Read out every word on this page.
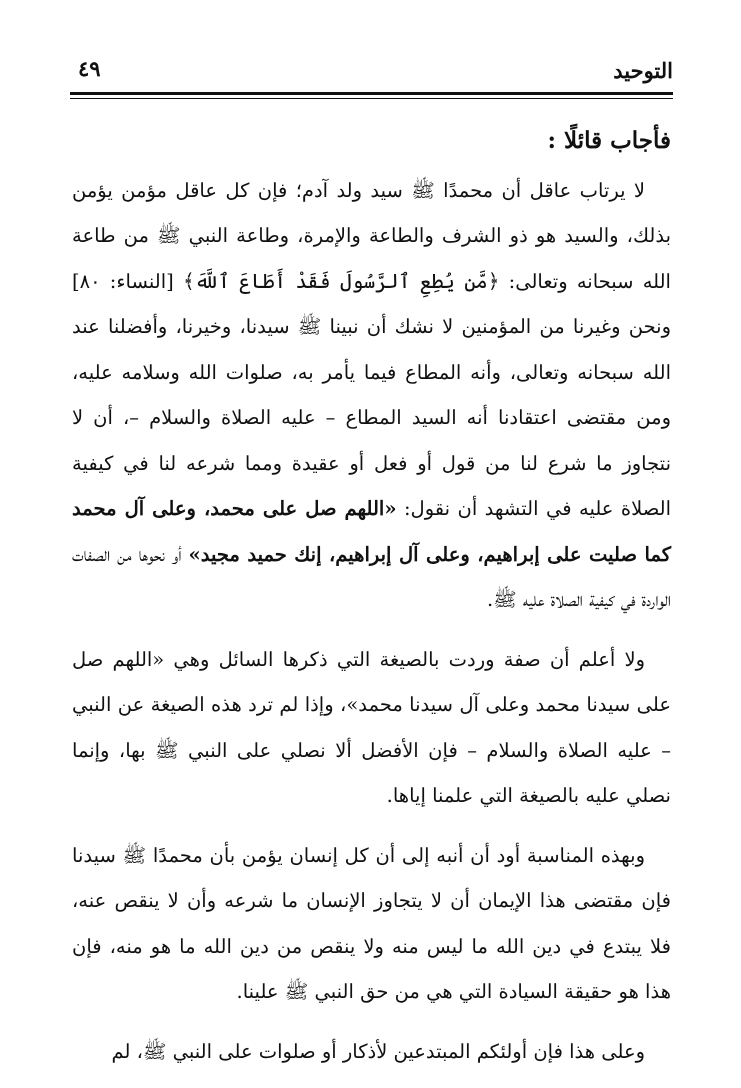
التوحيد
٤٩
فأجاب قائلًا :

لا يرتاب عاقل أن محمدًا ﷺ سيد ولد آدم؛ فإن كل عاقل مؤمن يؤمن بذلك، والسيد هو ذو الشرف والطاعة والإمرة، وطاعة النبي ﷺ من طاعة الله سبحانه وتعالى: ﴿مَّن يُطِعِ ٱلرَّسُولَ فَقَدْ أَطَاعَ ٱللَّهَ﴾ [النساء: ٨٠] ونحن وغيرنا من المؤمنين لا نشك أن نبينا ﷺ سيدنا، وخيرنا، وأفضلنا عند الله سبحانه وتعالى، وأنه المطاع فيما يأمر به، صلوات الله وسلامه عليه، ومن مقتضى اعتقادنا أنه السيد المطاع – عليه الصلاة والسلام –، أن لا نتجاوز ما شرع لنا من قول أو فعل أو عقيدة ومما شرعه لنا في كيفية الصلاة عليه في التشهد أن نقول: «اللهم صل على محمد، وعلى آل محمد كما صليت على إبراهيم، وعلى آل إبراهيم، إنك حميد مجيد» أو نحوها من الصفات الواردة في كيفية الصلاة عليه ﷺ.

ولا أعلم أن صفة وردت بالصيغة التي ذكرها السائل وهي «اللهم صل على سيدنا محمد وعلى آل سيدنا محمد»، وإذا لم ترد هذه الصيغة عن النبي – عليه الصلاة والسلام – فإن الأفضل ألا نصلي على النبي ﷺ بها، وإنما نصلي عليه بالصيغة التي علمنا إياها.

وبهذه المناسبة أود أن أنبه إلى أن كل إنسان يؤمن بأن محمدًا ﷺ سيدنا فإن مقتضى هذا الإيمان أن لا يتجاوز الإنسان ما شرعه وأن لا ينقص عنه، فلا يبتدع في دين الله ما ليس منه ولا ينقص من دين الله ما هو منه، فإن هذا هو حقيقة السيادة التي هي من حق النبي ﷺ علينا.

وعلى هذا فإن أولئكم المبتدعين لأذكار أو صلوات على النبي ﷺ، لم
